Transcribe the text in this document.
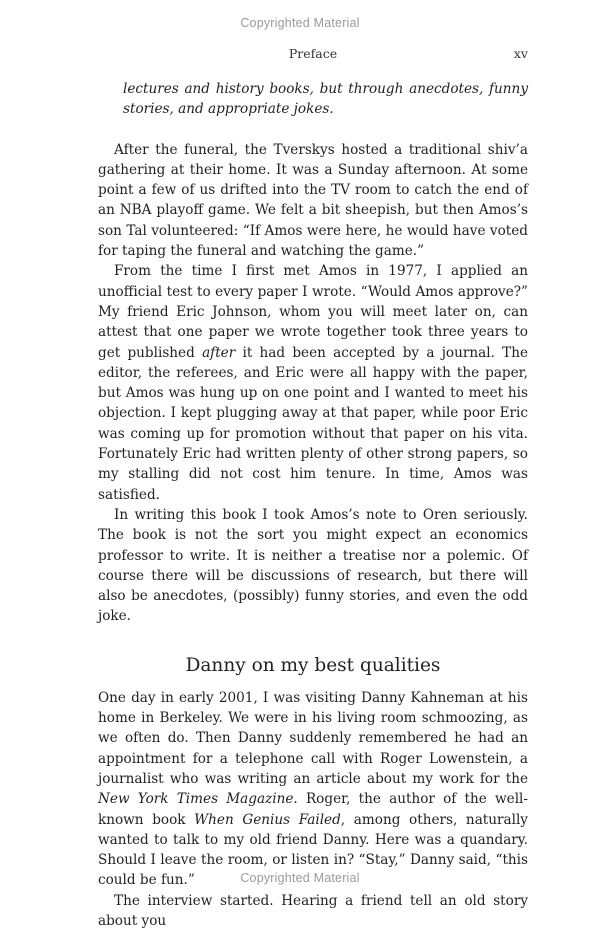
Copyrighted Material
Preface	xv

lectures and history books, but through anecdotes, funny stories, and appropriate jokes.

After the funeral, the Tverskys hosted a traditional shiv’a gathering at their home. It was a Sunday afternoon. At some point a few of us drifted into the TV room to catch the end of an NBA playoff game. We felt a bit sheepish, but then Amos’s son Tal volunteered: “If Amos were here, he would have voted for taping the funeral and watching the game.”

From the time I first met Amos in 1977, I applied an unofficial test to every paper I wrote. “Would Amos approve?” My friend Eric Johnson, whom you will meet later on, can attest that one paper we wrote together took three years to get published after it had been accepted by a journal. The editor, the referees, and Eric were all happy with the paper, but Amos was hung up on one point and I wanted to meet his objection. I kept plugging away at that paper, while poor Eric was coming up for promotion without that paper on his vita. Fortunately Eric had written plenty of other strong papers, so my stalling did not cost him tenure. In time, Amos was satisfied.

In writing this book I took Amos’s note to Oren seriously. The book is not the sort you might expect an economics professor to write. It is neither a treatise nor a polemic. Of course there will be discussions of research, but there will also be anecdotes, (possibly) funny stories, and even the odd joke.

Danny on my best qualities

One day in early 2001, I was visiting Danny Kahneman at his home in Berkeley. We were in his living room schmoozing, as we often do. Then Danny suddenly remembered he had an appointment for a telephone call with Roger Lowenstein, a journalist who was writing an article about my work for the New York Times Magazine. Roger, the author of the well-known book When Genius Failed, among others, naturally wanted to talk to my old friend Danny. Here was a quandary. Should I leave the room, or listen in? “Stay,” Danny said, “this could be fun.”

The interview started. Hearing a friend tell an old story about you

Copyrighted Material
